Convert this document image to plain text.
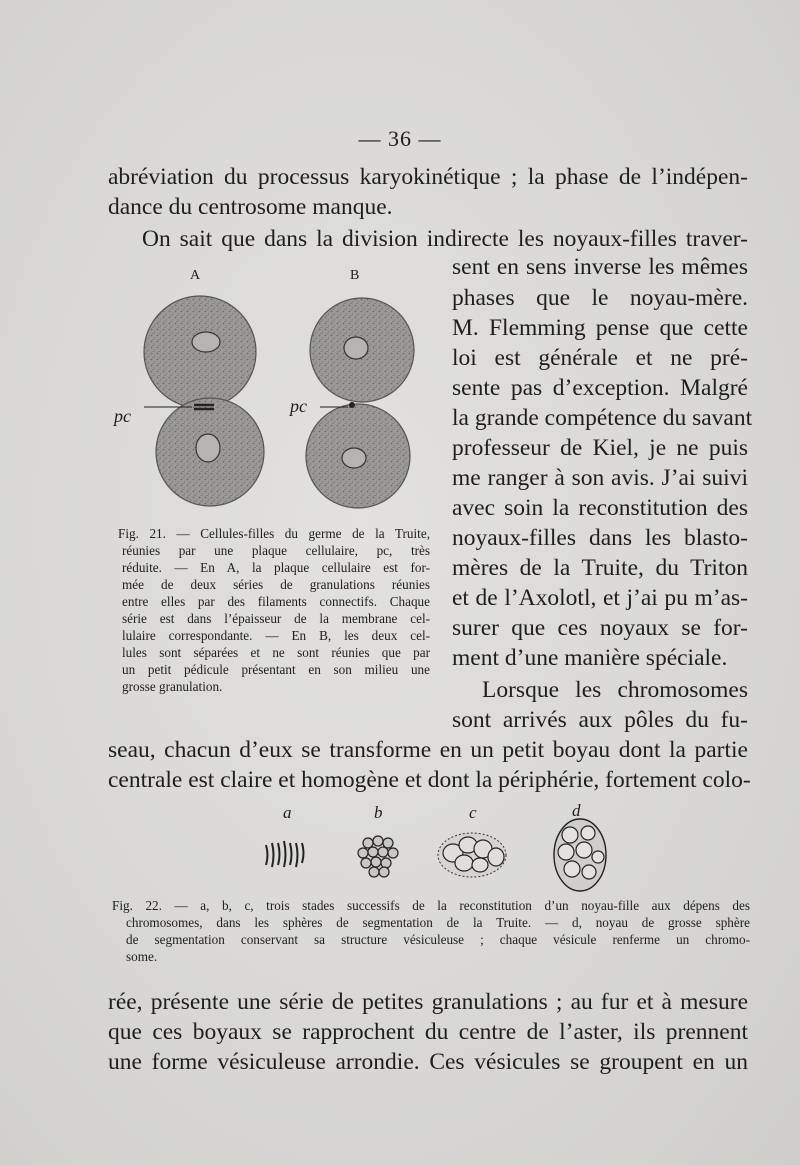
— 36 —
abréviation du processus karyokinétique ; la phase de l’indépen-
dance du centrosome manque.
On sait que dans la division indirecte les noyaux-filles traver-
sent en sens inverse les mêmes
phases que le noyau-mère.
M. Flemming pense que cette
loi est générale et ne pré-
sente pas d’exception. Malgré
la grande compétence du savant
professeur de Kiel, je ne puis
me ranger à son avis. J’ai suivi
avec soin la reconstitution des
noyaux-filles dans les blasto-
mères de la Truite, du Triton
et de l’Axolotl, et j’ai pu m’as-
surer que ces noyaux se for-
ment d’une manière spéciale.
Lorsque les chromosomes
sont arrivés aux pôles du fu-
seau, chacun d’eux se transforme en un petit boyau dont la partie
centrale est claire et homogène et dont la périphérie, fortement colo-
A	B
pc	pc
Fig. 21. — Cellules-filles du germe de la Truite,
réunies par une plaque cellulaire, pc, très
réduite. — En A, la plaque cellulaire est for-
mée de deux séries de granulations réunies
entre elles par des filaments connectifs. Chaque
série est dans l’épaisseur de la membrane cel-
lulaire correspondante. — En B, les deux cel-
lules sont séparées et ne sont réunies que par
un petit pédicule présentant en son milieu une
grosse granulation.
a	b	c	d
Fig. 22. — a, b, c, trois stades successifs de la reconstitution d’un noyau-fille aux dépens des
chromosomes, dans les sphères de segmentation de la Truite. — d, noyau de grosse sphère
de segmentation conservant sa structure vésiculeuse ; chaque vésicule renferme un chromo-
some.
rée, présente une série de petites granulations ; au fur et à mesure
que ces boyaux se rapprochent du centre de l’aster, ils prennent
une forme vésiculeuse arrondie. Ces vésicules se groupent en un
